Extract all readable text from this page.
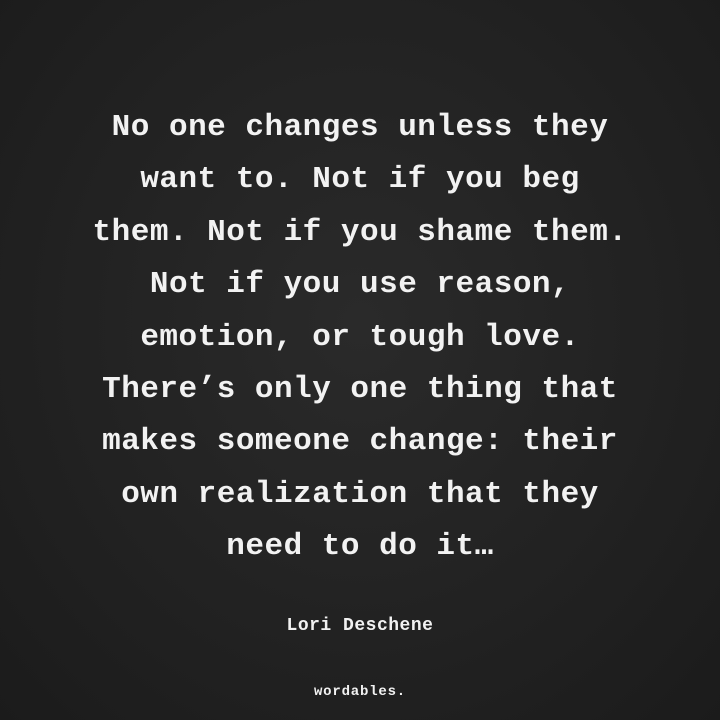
No one changes unless they
want to. Not if you beg
them. Not if you shame them.
Not if you use reason,
emotion, or tough love.
There’s only one thing that
makes someone change: their
own realization that they
need to do it…
Lori Deschene
wordables.
